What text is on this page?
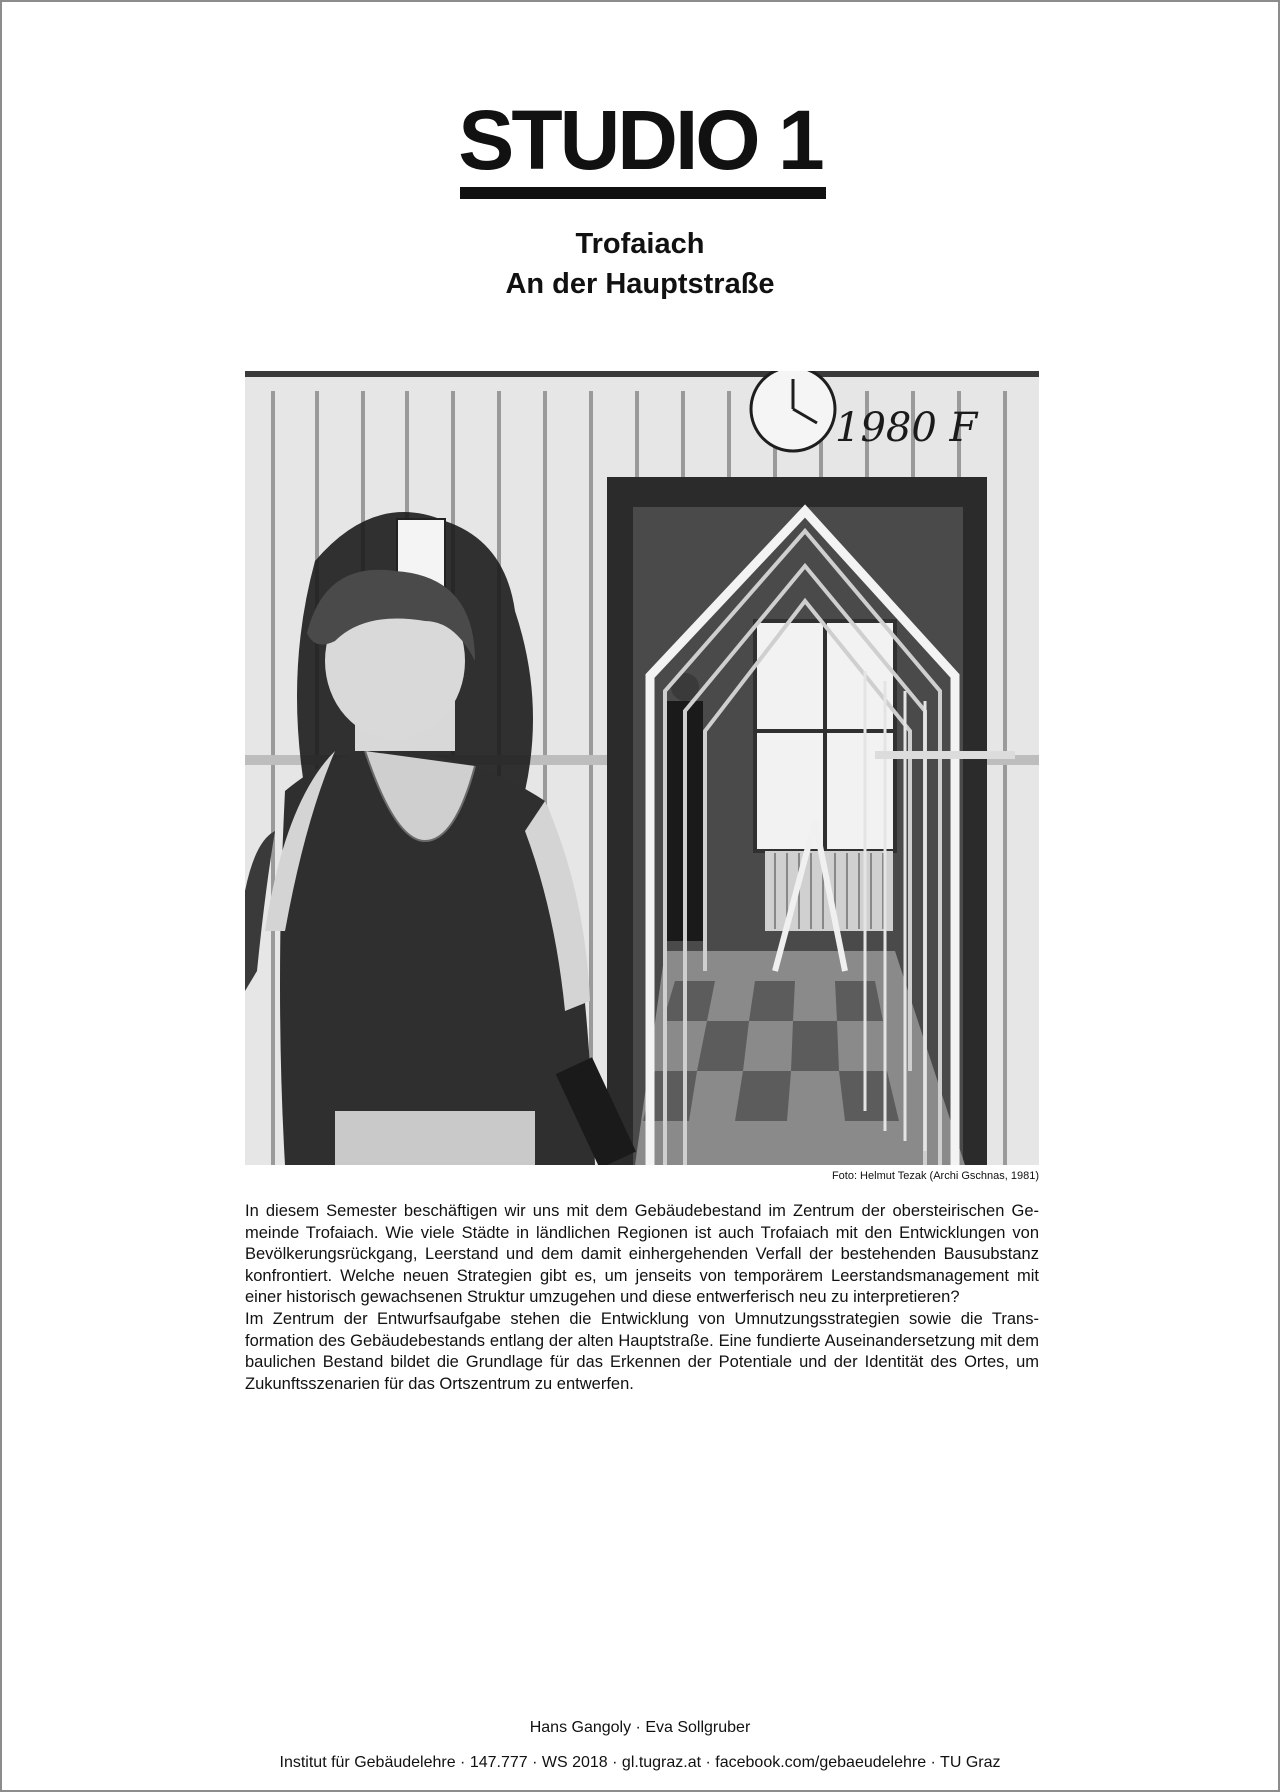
STUDIO 1
Trofaiach
An der Hauptstraße
1980 F
Foto: Helmut Tezak (Archi Gschnas, 1981)

In diesem Semester beschäftigen wir uns mit dem Gebäudebestand im Zentrum der obersteirischen Gemeinde Trofaiach. Wie viele Städte in ländlichen Regionen ist auch Trofaiach mit den Entwicklungen von Bevölkerungsrückgang, Leerstand und dem damit einhergehenden Verfall der bestehenden Bausubstanz konfrontiert. Welche neuen Strategien gibt es, um jenseits von temporärem Leerstandsmanagement mit einer historisch gewachsenen Struktur umzugehen und diese entwerferisch neu zu interpretieren?

Im Zentrum der Entwurfsaufgabe stehen die Entwicklung von Umnutzungsstrategien sowie die Transformation des Gebäudebestands entlang der alten Hauptstraße. Eine fundierte Auseinandersetzung mit dem baulichen Bestand bildet die Grundlage für das Erkennen der Potentiale und der Identität des Ortes, um Zukunftsszenarien für das Ortszentrum zu entwerfen.

Hans Gangoly · Eva Sollgruber
Institut für Gebäudelehre · 147.777 · WS 2018 · gl.tugraz.at · facebook.com/gebaeudelehre · TU Graz
